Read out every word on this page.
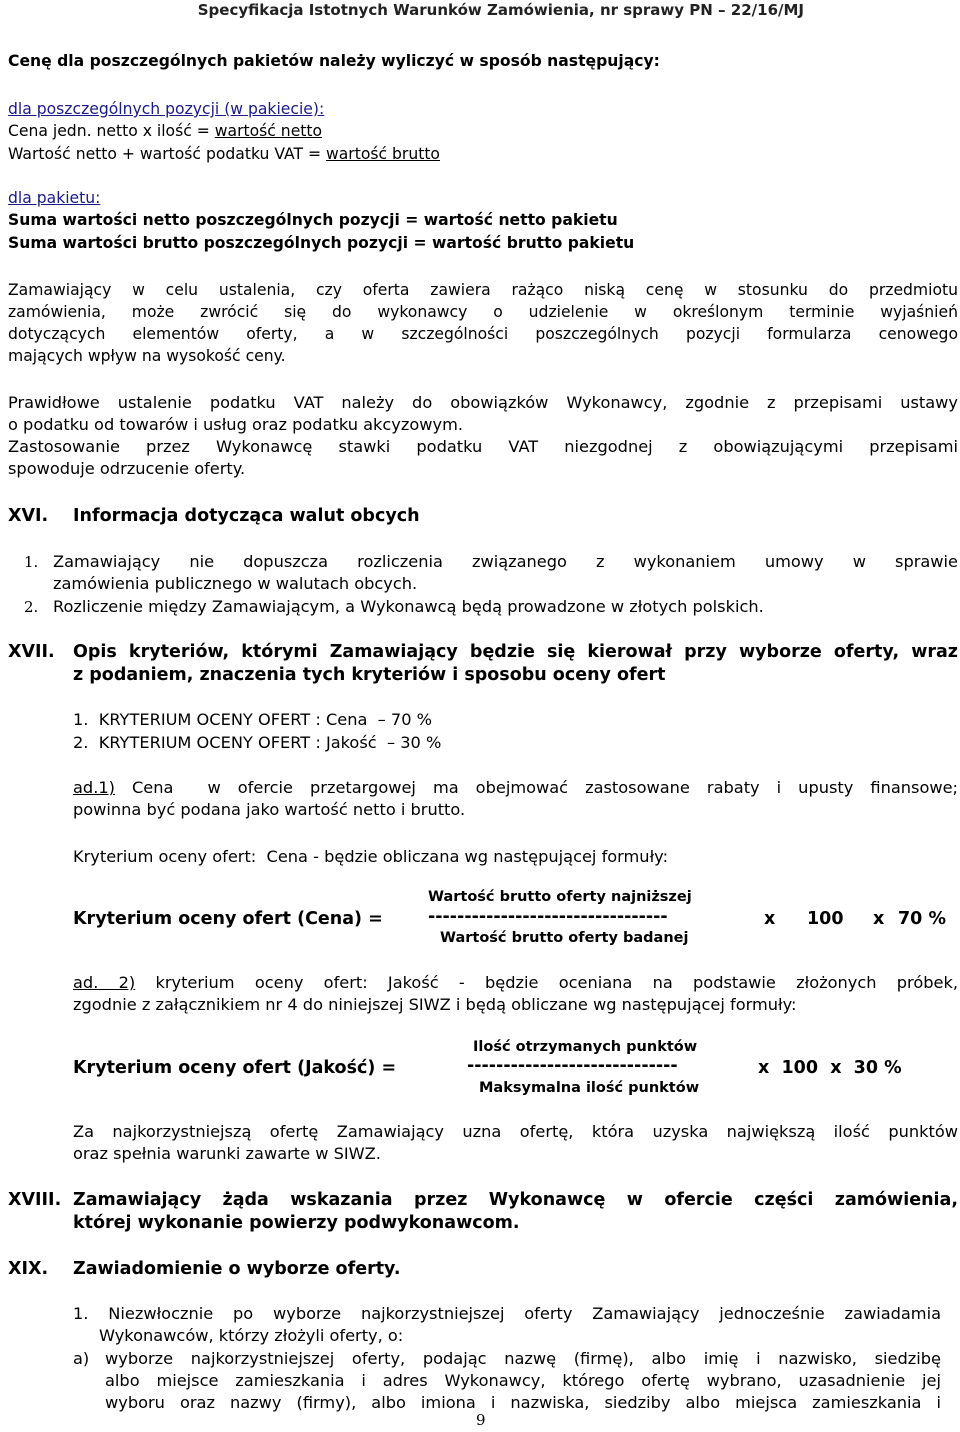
Specyfikacja Istotnych Warunków Zamówienia, nr sprawy PN – 22/16/MJ
Cenę dla poszczególnych pakietów należy wyliczyć w sposób następujący:
dla poszczególnych pozycji (w pakiecie):
Cena jedn. netto x ilość = wartość netto
Wartość netto + wartość podatku VAT = wartość brutto
dla pakietu:
Suma wartości netto poszczególnych pozycji = wartość netto pakietu
Suma wartości brutto poszczególnych pozycji = wartość brutto pakietu
Zamawiający w celu ustalenia, czy oferta zawiera rażąco niską cenę w stosunku do przedmiotu
zamówienia, może zwrócić się do wykonawcy o udzielenie w określonym terminie wyjaśnień
dotyczących elementów oferty, a w szczególności poszczególnych pozycji formularza cenowego
mających wpływ na wysokość ceny.
Prawidłowe ustalenie podatku VAT należy do obowiązków Wykonawcy, zgodnie z przepisami ustawy
o podatku od towarów i usług oraz podatku akcyzowym.
Zastosowanie przez Wykonawcę stawki podatku VAT niezgodnej z obowiązującymi przepisami
spowoduje odrzucenie oferty.
XVI. Informacja dotycząca walut obcych
1. Zamawiający nie dopuszcza rozliczenia związanego z wykonaniem umowy w sprawie
zamówienia publicznego w walutach obcych.
2. Rozliczenie między Zamawiającym, a Wykonawcą będą prowadzone w złotych polskich.
XVII. Opis kryteriów, którymi Zamawiający będzie się kierował przy wyborze oferty, wraz
z podaniem, znaczenia tych kryteriów i sposobu oceny ofert
1.  KRYTERIUM OCENY OFERT : Cena  – 70 %
2.  KRYTERIUM OCENY OFERT : Jakość  – 30 %
ad.1) Cena  w ofercie przetargowej ma obejmować zastosowane rabaty i upusty finansowe;
powinna być podana jako wartość netto i brutto.
Kryterium oceny ofert:  Cena - będzie obliczana wg następującej formuły:
Wartość brutto oferty najniższej
Kryterium oceny ofert (Cena) =	---------------------------------	x 100 x 70 %
Wartość brutto oferty badanej
ad. 2) kryterium oceny ofert: Jakość - będzie oceniana na podstawie złożonych próbek,
zgodnie z załącznikiem nr 4 do niniejszej SIWZ i będą obliczane wg następującej formuły:
Ilość otrzymanych punktów
Kryterium oceny ofert (Jakość) =	-----------------------------	x  100  x  30 %
Maksymalna ilość punktów
Za najkorzystniejszą ofertę Zamawiający uzna ofertę, która uzyska największą ilość punktów
oraz spełnia warunki zawarte w SIWZ.
XVIII. Zamawiający żąda wskazania przez Wykonawcę w ofercie części zamówienia,
której wykonanie powierzy podwykonawcom.
XIX. Zawiadomienie o wyborze oferty.
1. Niezwłocznie po wyborze najkorzystniejszej oferty Zamawiający jednocześnie zawiadamia
Wykonawców, którzy złożyli oferty, o:
a) wyborze najkorzystniejszej oferty, podając nazwę (firmę), albo imię i nazwisko, siedzibę
albo miejsce zamieszkania i adres Wykonawcy, którego ofertę wybrano, uzasadnienie jej
wyboru oraz nazwy (firmy), albo imiona i nazwiska, siedziby albo miejsca zamieszkania i
9
